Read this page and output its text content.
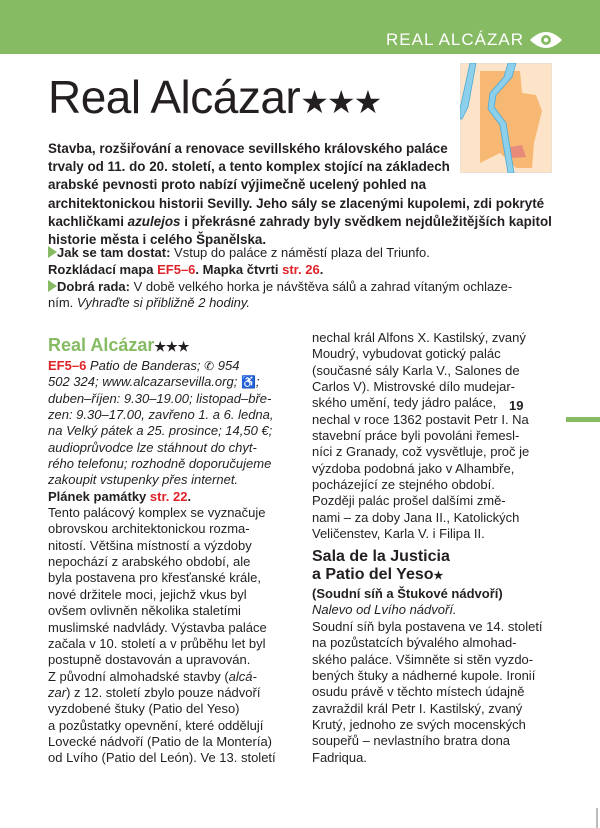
REAL ALCÁZAR
Real Alcázar★★★
Stavba, rozšiřování a renovace sevillského královského paláce
trvaly od 11. do 20. století, a tento komplex stojící na základech
arabské pevnosti proto nabízí výjimečně ucelený pohled na
architektonickou historii Sevilly. Jeho sály se zlacenými kupolemi, zdi pokryté
kachličkami azulejos i překrásné zahrady byly svědkem nejdůležitějších kapitol
historie města i celého Španělska.
Jak se tam dostat: Vstup do paláce z náměstí plaza del Triunfo.
Rozkládací mapa EF5–6. Mapka čtvrti str. 26.
Dobrá rada: V době velkého horka je návštěva sálů a zahrad vítaným ochlaze-
ním. Vyhraďte si přibližně 2 hodiny.
Real Alcázar★★★
EF5–6 Patio de Banderas; ✆ 954
502 324; www.alcazarsevilla.org; ♿;
duben–říjen: 9.30–19.00; listopad–bře-
zen: 9.30–17.00, zavřeno 1. a 6. ledna,
na Velký pátek a 25. prosince; 14,50 €;
audioprůvodce lze stáhnout do chyt-
rého telefonu; rozhodně doporučujeme
zakoupit vstupenky přes internet.
Plánek památky str. 22.
Tento palácový komplex se vyznačuje
obrovskou architektonickou rozma-
nitostí. Většina místností a výzdoby
nepochází z arabského období, ale
byla postavena pro křesťanské krále,
nové držitele moci, jejichž vkus byl
ovšem ovlivněn několika staletími
muslimské nadvlády. Výstavba paláce
začala v 10. století a v průběhu let byl
postupně dostavován a upravován.
Z původní almohadské stavby (alcá-
zar) z 12. století zbylo pouze nádvoří
vyzdobené štuky (Patio del Yeso)
a pozůstatky opevnění, které oddělují
Lovecké nádvoří (Patio de la Montería)
od Lvího (Patio del León). Ve 13. století
nechal král Alfons X. Kastilský, zvaný
Moudrý, vybudovat gotický palác
(současné sály Karla V., Salones de
Carlos V). Mistrovské dílo mudejar-
ského umění, tedy jádro paláce,
nechal v roce 1362 postavit Petr I. Na
stavební práce byli povoláni řemesl-
níci z Granady, což vysvětluje, proč je
výzdoba podobná jako v Alhambře,
pocházející ze stejného období.
Později palác prošel dalšími změ-
nami – za doby Jana II., Katolických
Veličenstev, Karla V. i Filipa II.
Sala de la Justicia
a Patio del Yeso★
(Soudní síň a Štukové nádvoří)
Nalevo od Lvího nádvoří.
Soudní síň byla postavena ve 14. století
na pozůstatcích bývalého almohad-
ského paláce. Všimněte si stěn vyzdo-
bených štuky a nádherné kupole. Ironií
osudu právě v těchto místech údajně
zavraždil král Petr I. Kastilský, zvaný
Krutý, jednoho ze svých mocenských
soupeřů – nevlastního bratra dona
Fadriqua.
19
